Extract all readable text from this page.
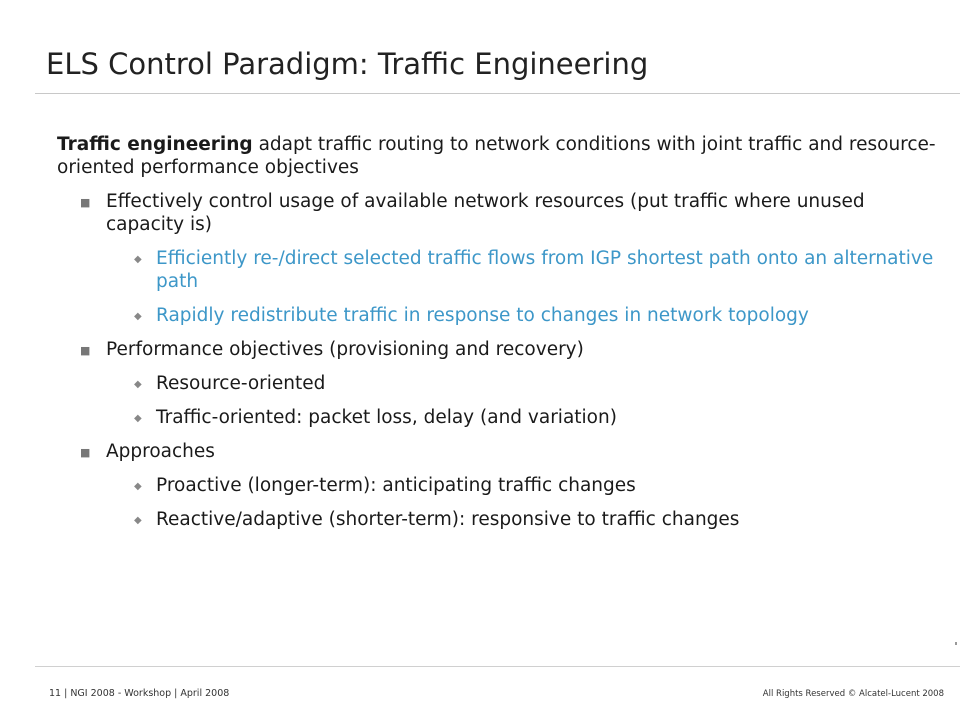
ELS Control Paradigm: Traffic Engineering

Traffic engineering adapt traffic routing to network conditions with joint traffic and resource-oriented performance objectives

■ Effectively control usage of available network resources (put traffic where unused capacity is)
◆ Efficiently re-/direct selected traffic flows from IGP shortest path onto an alternative path
◆ Rapidly redistribute traffic in response to changes in network topology
■ Performance objectives (provisioning and recovery)
◆ Resource-oriented
◆ Traffic-oriented: packet loss, delay (and variation)
■ Approaches
◆ Proactive (longer-term): anticipating traffic changes
◆ Reactive/adaptive (shorter-term): responsive to traffic changes
11 | NGI 2008 - Workshop | April 2008	All Rights Reserved © Alcatel-Lucent 2008
